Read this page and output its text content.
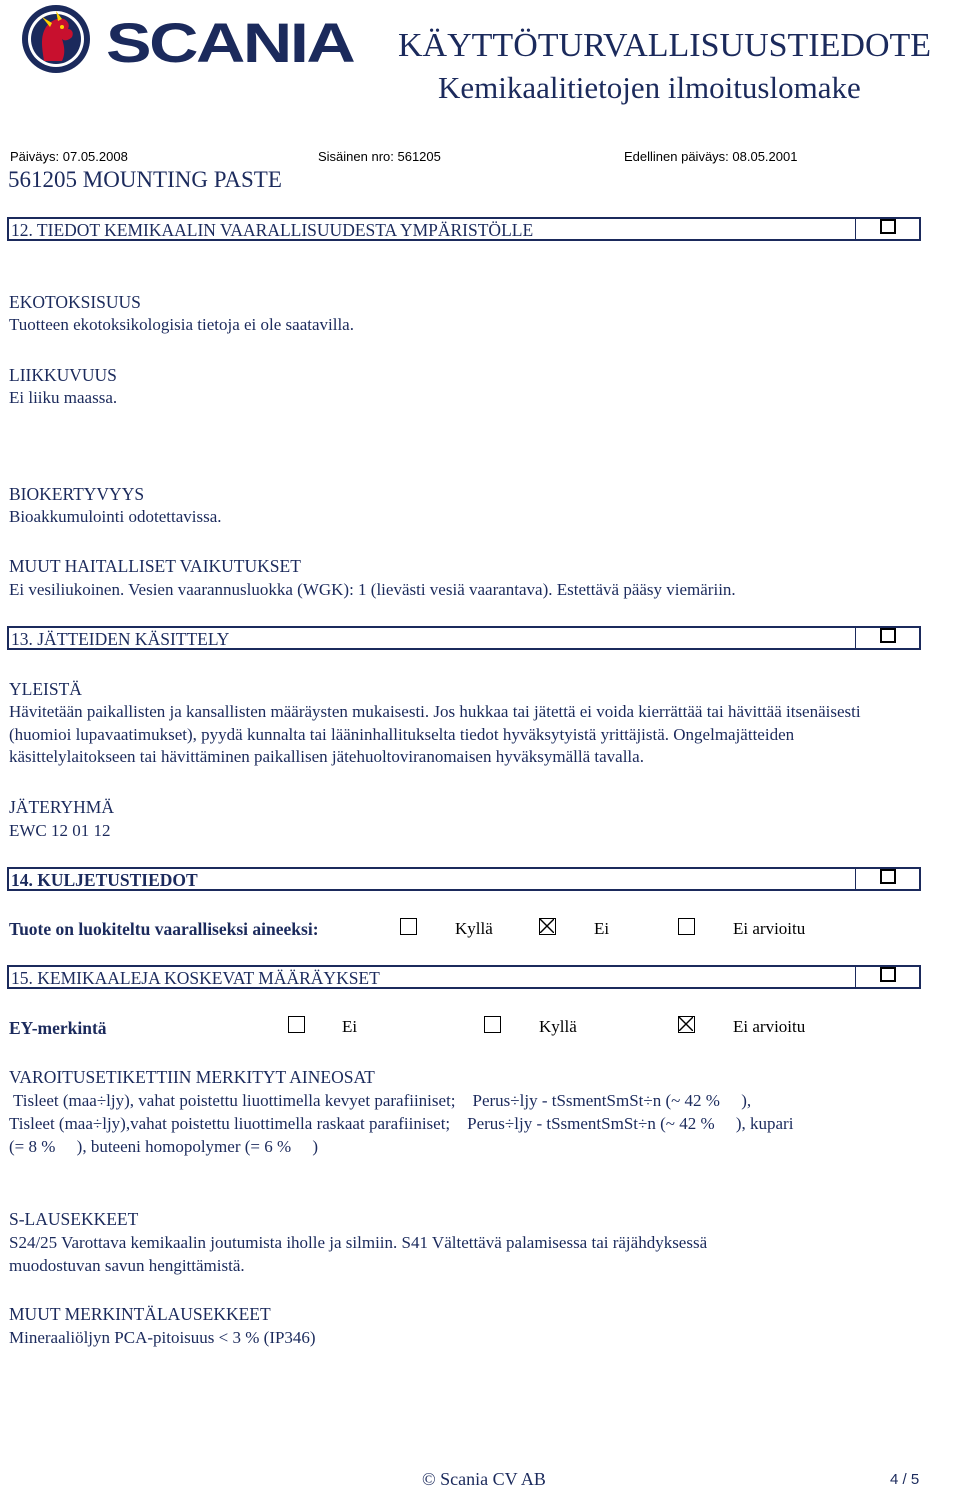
SCANIA KÄYTTÖTURVALLISUUSTIEDOTE
Kemikaalitietojen ilmoituslomake
Päiväys: 07.05.2008	Sisäinen nro: 561205	Edellinen päiväys: 08.05.2001
561205 MOUNTING PASTE
12. TIEDOT KEMIKAALIN VAARALLISUUDESTA YMPÄRISTÖLLE
EKOTOKSISUUS
Tuotteen ekotoksikologisia tietoja ei ole saatavilla.
LIIKKUVUUS
Ei liiku maassa.
BIOKERTYVYYS
Bioakkumulointi odotettavissa.
MUUT HAITALLISET VAIKUTUKSET
Ei vesiliukoinen. Vesien vaarannusluokka (WGK): 1 (lievästi vesiä vaarantava). Estettävä pääsy viemäriin.
13. JÄTTEIDEN KÄSITTELY
YLEISTÄ
Hävitetään paikallisten ja kansallisten määräysten mukaisesti. Jos hukkaa tai jätettä ei voida kierrättää tai hävittää itsenäisesti (huomioi lupavaatimukset), pyydä kunnalta tai lääninhallitukselta tiedot hyväksytyistä yrittäjistä. Ongelmajätteiden käsittelylaitokseen tai hävittäminen paikallisen jätehuoltoviranomaisen hyväksymällä tavalla.
JÄTERYHMÄ
EWC 12 01 12
14. KULJETUSTIEDOT
Tuote on luokiteltu vaaralliseksi aineeksi:	Kyllä	Ei	Ei arvioitu
15. KEMIKAALEJA KOSKEVAT MÄÄRÄYKSET
EY-merkintä	Ei	Kyllä	Ei arvioitu
VAROITUSETIKETTIIN MERKITYT AINEOSAT
Tisleet (maa÷ljy), vahat poistettu liuottimella kevyet parafiiniset;    Perus÷ljy - tSsmentSmSt÷n (~ 42 %     ),
Tisleet (maa÷ljy),vahat poistettu liuottimella raskaat parafiiniset;    Perus÷ljy - tSsmentSmSt÷n (~ 42 %     ), kupari
(= 8 %     ), buteeni homopolymer (= 6 %     )
S-LAUSEKKEET
S24/25 Varottava kemikaalin joutumista iholle ja silmiin. S41 Vältettävä palamisessa tai räjähdyksessä
muodostuvan savun hengittämistä.
MUUT MERKINTÄLAUSEKKEET
Mineraaliöljyn PCA-pitoisuus < 3 % (IP346)
© Scania CV AB	4 / 5
